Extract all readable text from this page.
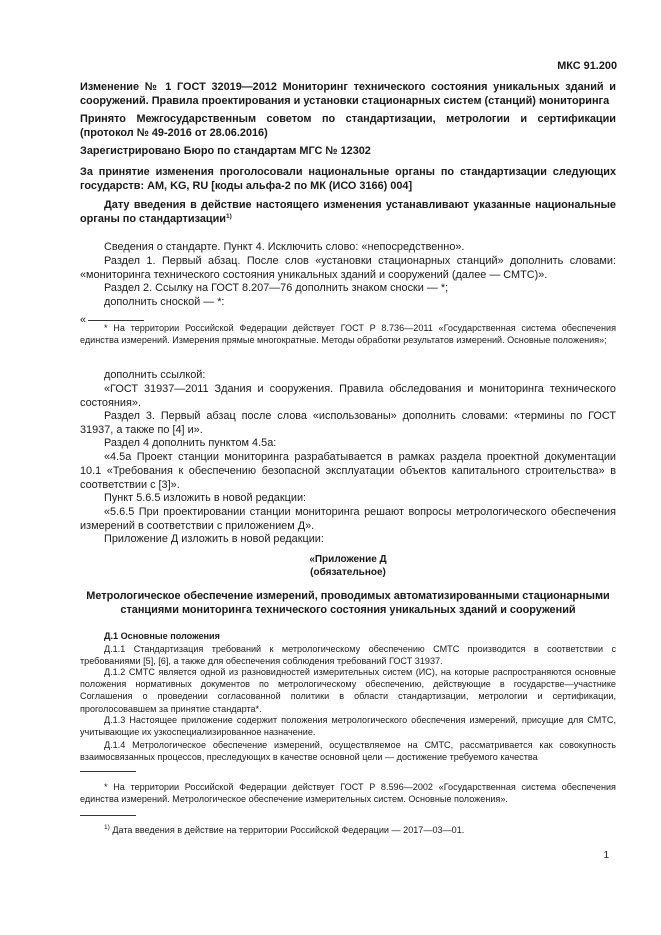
МКС 91.200
Изменение № 1 ГОСТ 32019—2012 Мониторинг технического состояния уникальных зданий и сооружений. Правила проектирования и установки стационарных систем (станций) мониторинга
Принято Межгосударственным советом по стандартизации, метрологии и сертификации (протокол № 49-2016 от 28.06.2016)
Зарегистрировано Бюро по стандартам МГС № 12302
За принятие изменения проголосовали национальные органы по стандартизации следующих государств: AM, KG, RU [коды альфа-2 по МК (ИСО 3166) 004]
Дату введения в действие настоящего изменения устанавливают указанные национальные органы по стандартизации$^{1)}$
Сведения о стандарте. Пункт 4. Исключить слово: «непосредственно».
Раздел 1. Первый абзац. После слов «установки стационарных станций» дополнить словами: «мониторинга технического состояния уникальных зданий и сооружений (далее — СМТС)».
Раздел 2. Ссылку на ГОСТ 8.207—76 дополнить знаком сноски — *;
дополнить сноской — *:
«
* На территории Российской Федерации действует ГОСТ Р 8.736—2011 «Государственная система обеспечения единства измерений. Измерения прямые многократные. Методы обработки результатов измерений. Основные положения»;
дополнить ссылкой:
«ГОСТ 31937—2011 Здания и сооружения. Правила обследования и мониторинга технического состояния».
Раздел 3. Первый абзац после слова «использованы» дополнить словами: «термины по ГОСТ 31937, а также по [4] и».
Раздел 4 дополнить пунктом 4.5а:
«4.5а Проект станции мониторинга разрабатывается в рамках раздела проектной документации 10.1 «Требования к обеспечению безопасной эксплуатации объектов капитального строительства» в соответствии с [3]».
Пункт 5.6.5 изложить в новой редакции:
«5.6.5 При проектировании станции мониторинга решают вопросы метрологического обеспечения измерений в соответствии с приложением Д».
Приложение Д изложить в новой редакции:
«Приложение Д
(обязательное)
Метрологическое обеспечение измерений, проводимых автоматизированными стационарными станциями мониторинга технического состояния уникальных зданий и сооружений
Д.1 Основные положения
Д.1.1 Стандартизация требований к метрологическому обеспечению СМТС производится в соответствии с требованиями [5], [6], а также для обеспечения соблюдения требований ГОСТ 31937.
Д.1.2 СМТС является одной из разновидностей измерительных систем (ИС), на которые распространяются основные положения нормативных документов по метрологическому обеспечению, действующие в государстве—участнике Соглашения о проведении согласованной политики в области стандартизации, метрологии и сертификации, проголосовавшем за принятие стандарта*.
Д.1.3 Настоящее приложение содержит положения метрологического обеспечения измерений, присущие для СМТС, учитывающие их узкоспециализированное назначение.
Д.1.4 Метрологическое обеспечение измерений, осуществляемое на СМТС, рассматривается как совокупность взаимосвязанных процессов, преследующих в качестве основной цели — достижение требуемого качества
* На территории Российской Федерации действует ГОСТ Р 8.596—2002 «Государственная система обеспечения единства измерений. Метрологическое обеспечение измерительных систем. Основные положения».
$^{1)}$ Дата введения в действие на территории Российской Федерации — 2017—03—01.
1
